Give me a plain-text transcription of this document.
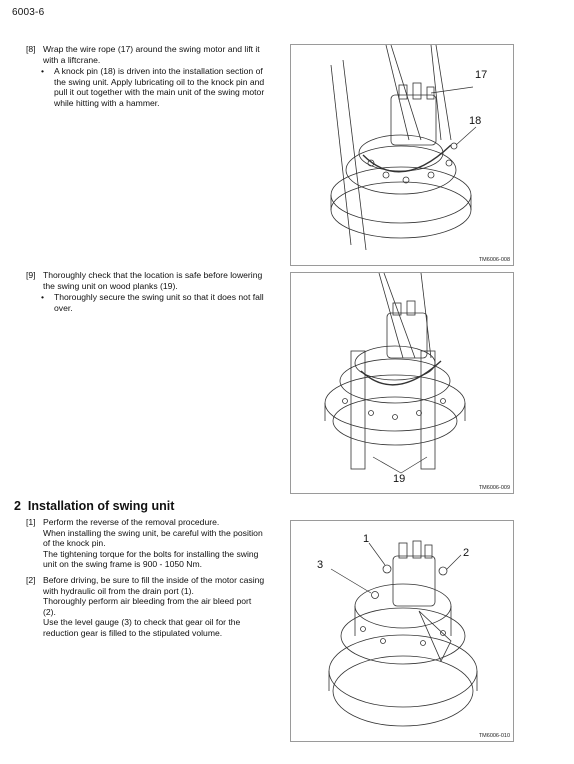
6003-6
[8] Wrap the wire rope (17) around the swing motor and lift it with a liftcrane.
• A knock pin (18) is driven into the installation section of the swing unit. Apply lubricating oil to the knock pin and pull it out together with the main unit of the swing motor while hitting with a hammer.
[9] Thoroughly check that the location is safe before lowering the swing unit on wood planks (19).
• Thoroughly secure the swing unit so that it does not fall over.
2 Installation of swing unit
[1] Perform the reverse of the removal procedure.
When installing the swing unit, be careful with the position of the knock pin.
The tightening torque for the bolts for installing the swing unit on the swing frame is 900 - 1050 Nm.
[2] Before driving, be sure to fill the inside of the motor casing with hydraulic oil from the drain port (1).
Thoroughly perform air bleeding from the air bleed port (2).
Use the level gauge (3) to check that gear oil for the reduction gear is filled to the stipulated volume.
17
18
TM6006-008
19
TM6006-009
1
2
3
TM6006-010
